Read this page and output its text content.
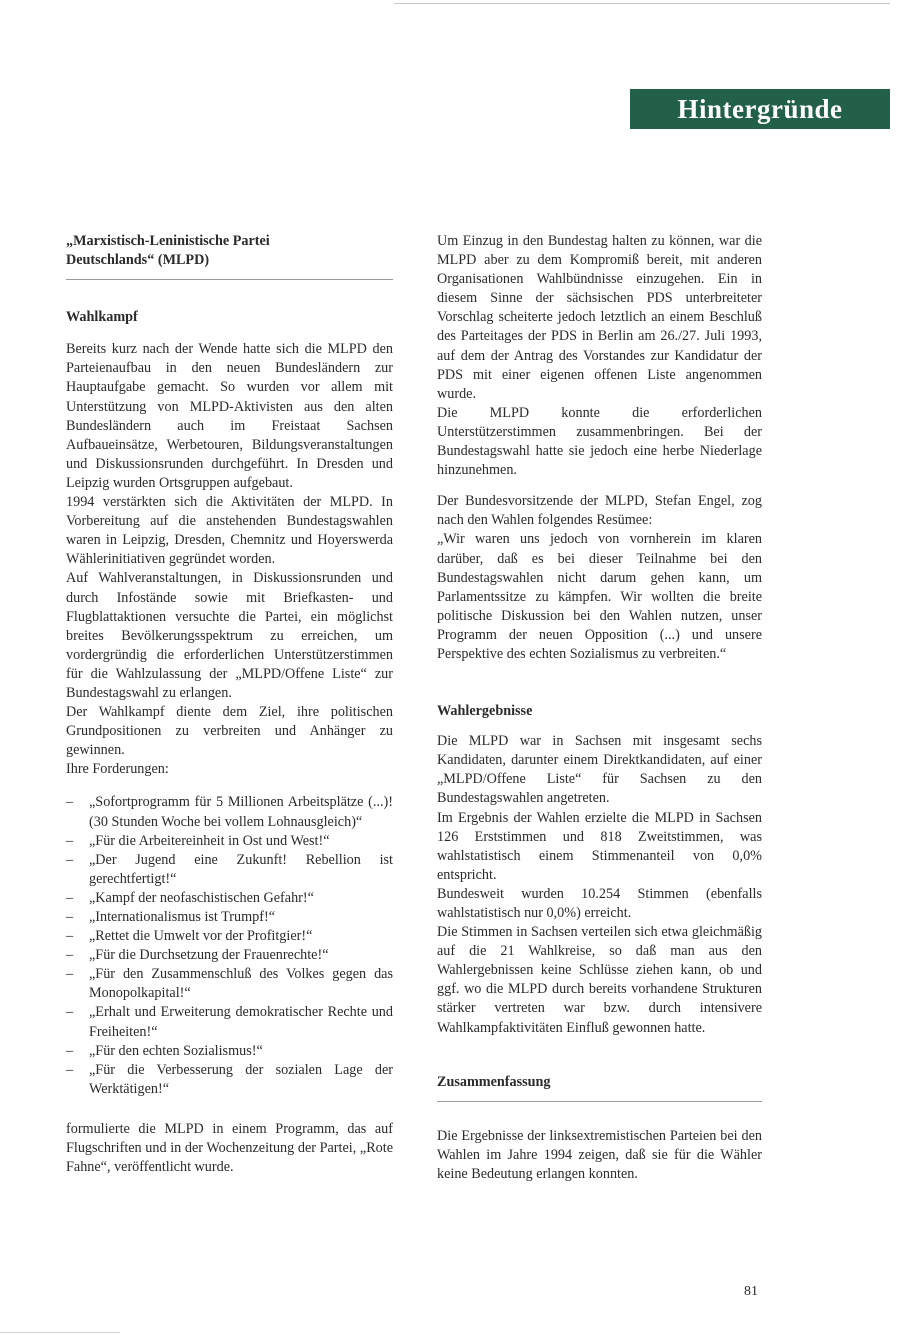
Hintergründe

„Marxistisch-Leninistische Partei

Deutschlands“ (MLPD)

Wahlkampf

Bereits kurz nach der Wende hatte sich die MLPD den Parteienaufbau in den neuen Bundesländern zur Hauptaufgabe gemacht. So wurden vor allem mit Unterstützung von MLPD-Aktivisten aus den alten Bundesländern auch im Freistaat Sachsen Aufbaueinsätze, Werbetouren, Bildungsveranstaltungen und Diskussionsrunden durchgeführt. In Dresden und Leipzig wurden Ortsgruppen aufgebaut.

1994 verstärkten sich die Aktivitäten der MLPD. In Vorbereitung auf die anstehenden Bundestagswahlen waren in Leipzig, Dresden, Chemnitz und Hoyerswerda Wählerinitiativen gegründet worden.

Auf Wahlveranstaltungen, in Diskussionsrunden und durch Infostände sowie mit Briefkasten- und Flugblattaktionen versuchte die Partei, ein möglichst breites Bevölkerungsspektrum zu erreichen, um vordergründig die erforderlichen Unterstützerstimmen für die Wahlzulassung der „MLPD/Offene Liste“ zur Bundestagswahl zu erlangen.

Der Wahlkampf diente dem Ziel, ihre politischen Grundpositionen zu verbreiten und Anhänger zu gewinnen.

Ihre Forderungen:

– „Sofortprogramm für 5 Millionen Arbeitsplätze (...)! (30 Stunden Woche bei vollem Lohnausgleich)“
– „Für die Arbeitereinheit in Ost und West!“
– „Der Jugend eine Zukunft! Rebellion ist gerechtfertigt!“
– „Kampf der neofaschistischen Gefahr!“
– „Internationalismus ist Trumpf!“
– „Rettet die Umwelt vor der Profitgier!“
– „Für die Durchsetzung der Frauenrechte!“
– „Für den Zusammenschluß des Volkes gegen das Monopolkapital!“
– „Erhalt und Erweiterung demokratischer Rechte und Freiheiten!“
– „Für den echten Sozialismus!“
– „Für die Verbesserung der sozialen Lage der Werktätigen!“

formulierte die MLPD in einem Programm, das auf Flugschriften und in der Wochenzeitung der Partei, „Rote Fahne“, veröffentlicht wurde.

Um Einzug in den Bundestag halten zu können, war die MLPD aber zu dem Kompromiß bereit, mit anderen Organisationen Wahlbündnisse einzugehen. Ein in diesem Sinne der sächsischen PDS unterbreiteter Vorschlag scheiterte jedoch letztlich an einem Beschluß des Parteitages der PDS in Berlin am 26./27. Juli 1993, auf dem der Antrag des Vorstandes zur Kandidatur der PDS mit einer eigenen offenen Liste angenommen wurde.

Die MLPD konnte die erforderlichen Unterstützerstimmen zusammenbringen. Bei der Bundestagswahl hatte sie jedoch eine herbe Niederlage hinzunehmen.

Der Bundesvorsitzende der MLPD, Stefan Engel, zog nach den Wahlen folgendes Resümee:

„Wir waren uns jedoch von vornherein im klaren darüber, daß es bei dieser Teilnahme bei den Bundestagswahlen nicht darum gehen kann, um Parlamentssitze zu kämpfen. Wir wollten die breite politische Diskussion bei den Wahlen nutzen, unser Programm der neuen Opposition (...) und unsere Perspektive des echten Sozialismus zu verbreiten.“

Wahlergebnisse

Die MLPD war in Sachsen mit insgesamt sechs Kandidaten, darunter einem Direktkandidaten, auf einer „MLPD/Offene Liste“ für Sachsen zu den Bundestagswahlen angetreten.

Im Ergebnis der Wahlen erzielte die MLPD in Sachsen 126 Erststimmen und 818 Zweitstimmen, was wahlstatistisch einem Stimmenanteil von 0,0% entspricht.

Bundesweit wurden 10.254 Stimmen (ebenfalls wahlstatistisch nur 0,0%) erreicht.

Die Stimmen in Sachsen verteilen sich etwa gleichmäßig auf die 21 Wahlkreise, so daß man aus den Wahlergebnissen keine Schlüsse ziehen kann, ob und ggf. wo die MLPD durch bereits vorhandene Strukturen stärker vertreten war bzw. durch intensivere Wahlkampfaktivitäten Einfluß gewonnen hatte.

Zusammenfassung

Die Ergebnisse der linksextremistischen Parteien bei den Wahlen im Jahre 1994 zeigen, daß sie für die Wähler keine Bedeutung erlangen konnten.

81
